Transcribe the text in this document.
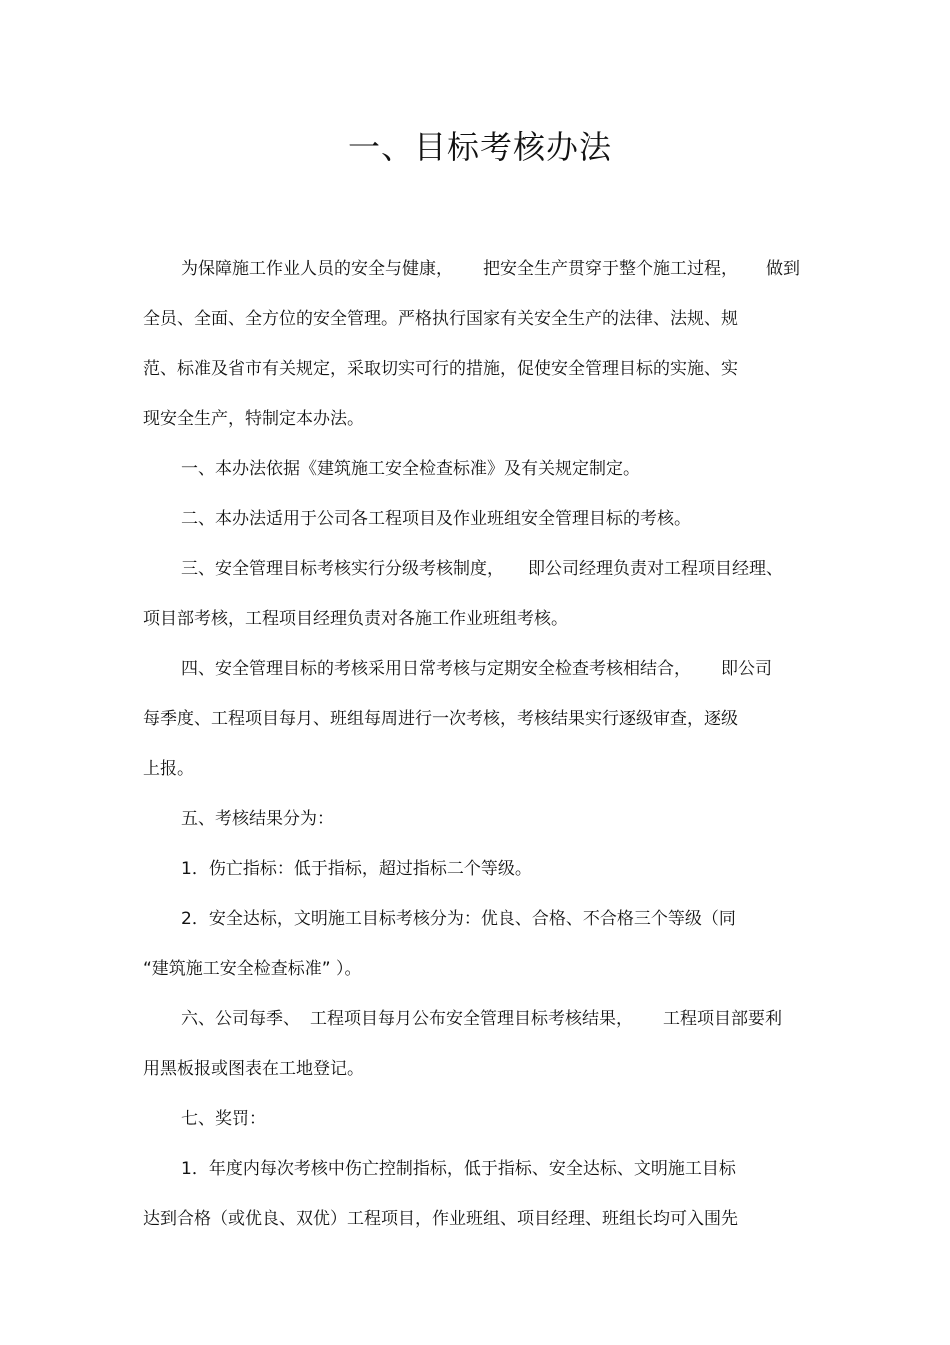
一、目标考核办法
为保障施工作业人员的安全与健康， 把安全生产贯穿于整个施工过程， 做到
全员、全面、全方位的安全管理。严格执行国家有关安全生产的法律、法规、规
范、标准及省市有关规定，采取切实可行的措施，促使安全管理目标的实施、实
现安全生产，特制定本办法。
一、本办法依据《建筑施工安全检查标准》及有关规定制定。
二、本办法适用于公司各工程项目及作业班组安全管理目标的考核。
三、安全管理目标考核实行分级考核制度， 即公司经理负责对工程项目经理、
项目部考核，工程项目经理负责对各施工作业班组考核。
四、安全管理目标的考核采用日常考核与定期安全检查考核相结合， 即公司
每季度、工程项目每月、班组每周进行一次考核，考核结果实行逐级审查，逐级
上报。
五、考核结果分为：
1．伤亡指标：低于指标，超过指标二个等级。
2．安全达标，文明施工目标考核分为：优良、合格、不合格三个等级（同
“建筑施工安全检查标准” ）。
六、公司每季、 工程项目每月公布安全管理目标考核结果， 工程项目部要利
用黑板报或图表在工地登记。
七、奖罚：
1．年度内每次考核中伤亡控制指标，低于指标、安全达标、文明施工目标
达到合格（或优良、双优）工程项目，作业班组、项目经理、班组长均可入围先
